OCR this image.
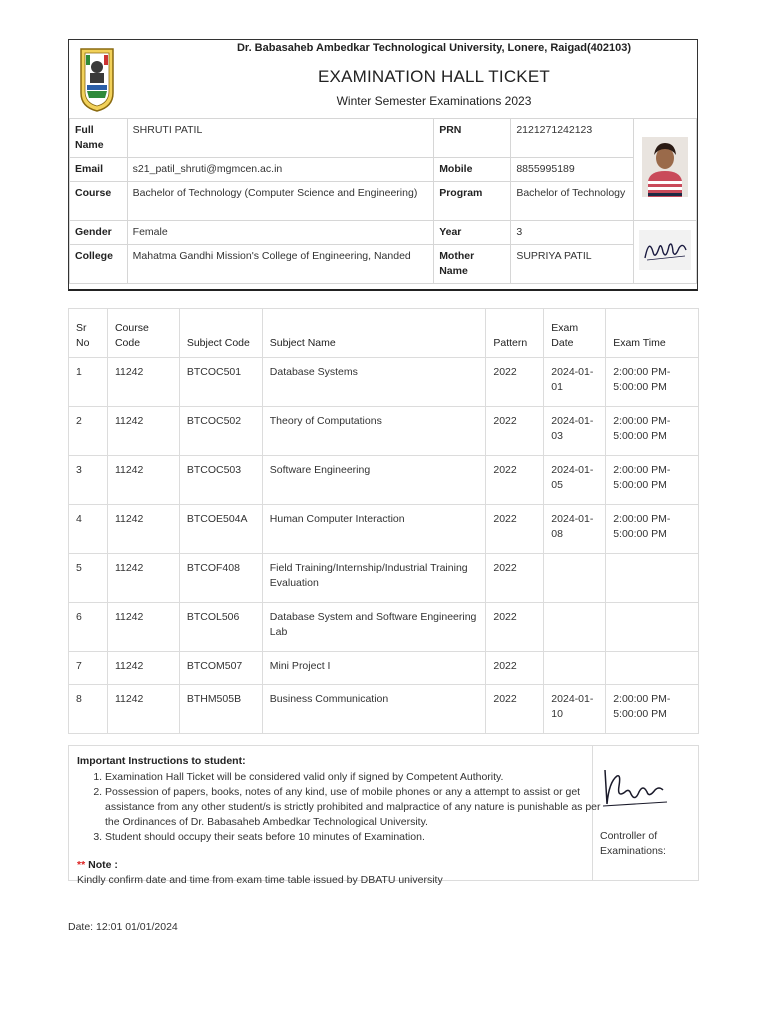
Dr. Babasaheb Ambedkar Technological University, Lonere, Raigad(402103)
EXAMINATION HALL TICKET
Winter Semester Examinations 2023
Full Name	SHRUTI PATIL	PRN	2121271242123	
Email	s21_patil_shruti@mgmcen.ac.in	Mobile	8855995189	
Course	Bachelor of Technology (Computer Science and Engineering)	Program	Bachelor of Technology	
Gender	Female	Year	3	
College	Mahatma Gandhi Mission's College of Engineering, Nanded	Mother Name	SUPRIYA PATIL	
Sr No	Course Code	Subject Code	Subject Name	Pattern	Exam Date	Exam Time
1	11242	BTCOC501	Database Systems	2022	2024-01-01	2:00:00 PM-5:00:00 PM
2	11242	BTCOC502	Theory of Computations	2022	2024-01-03	2:00:00 PM-5:00:00 PM
3	11242	BTCOC503	Software Engineering	2022	2024-01-05	2:00:00 PM-5:00:00 PM
4	11242	BTCOE504A	Human Computer Interaction	2022	2024-01-08	2:00:00 PM-5:00:00 PM
5	11242	BTCOF408	Field Training/Internship/Industrial Training Evaluation	2022		
6	11242	BTCOL506	Database System and Software Engineering Lab	2022		
7	11242	BTCOM507	Mini Project I	2022		
8	11242	BTHM505B	Business Communication	2022	2024-01-10	2:00:00 PM-5:00:00 PM
Important Instructions to student:
1. Examination Hall Ticket will be considered valid only if signed by Competent Authority.
2. Possession of papers, books, notes of any kind, use of mobile phones or any a attempt to assist or get assistance from any other student/s is strictly prohibited and malpractice of any nature is punishable as per the Ordinances of Dr. Babasaheb Ambedkar Technological University.
3. Student should occupy their seats before 10 minutes of Examination.
** Note :
Kindly confirm date and time from exam time table issued by DBATU university
Controller of Examinations:
Date: 12:01 01/01/2024
